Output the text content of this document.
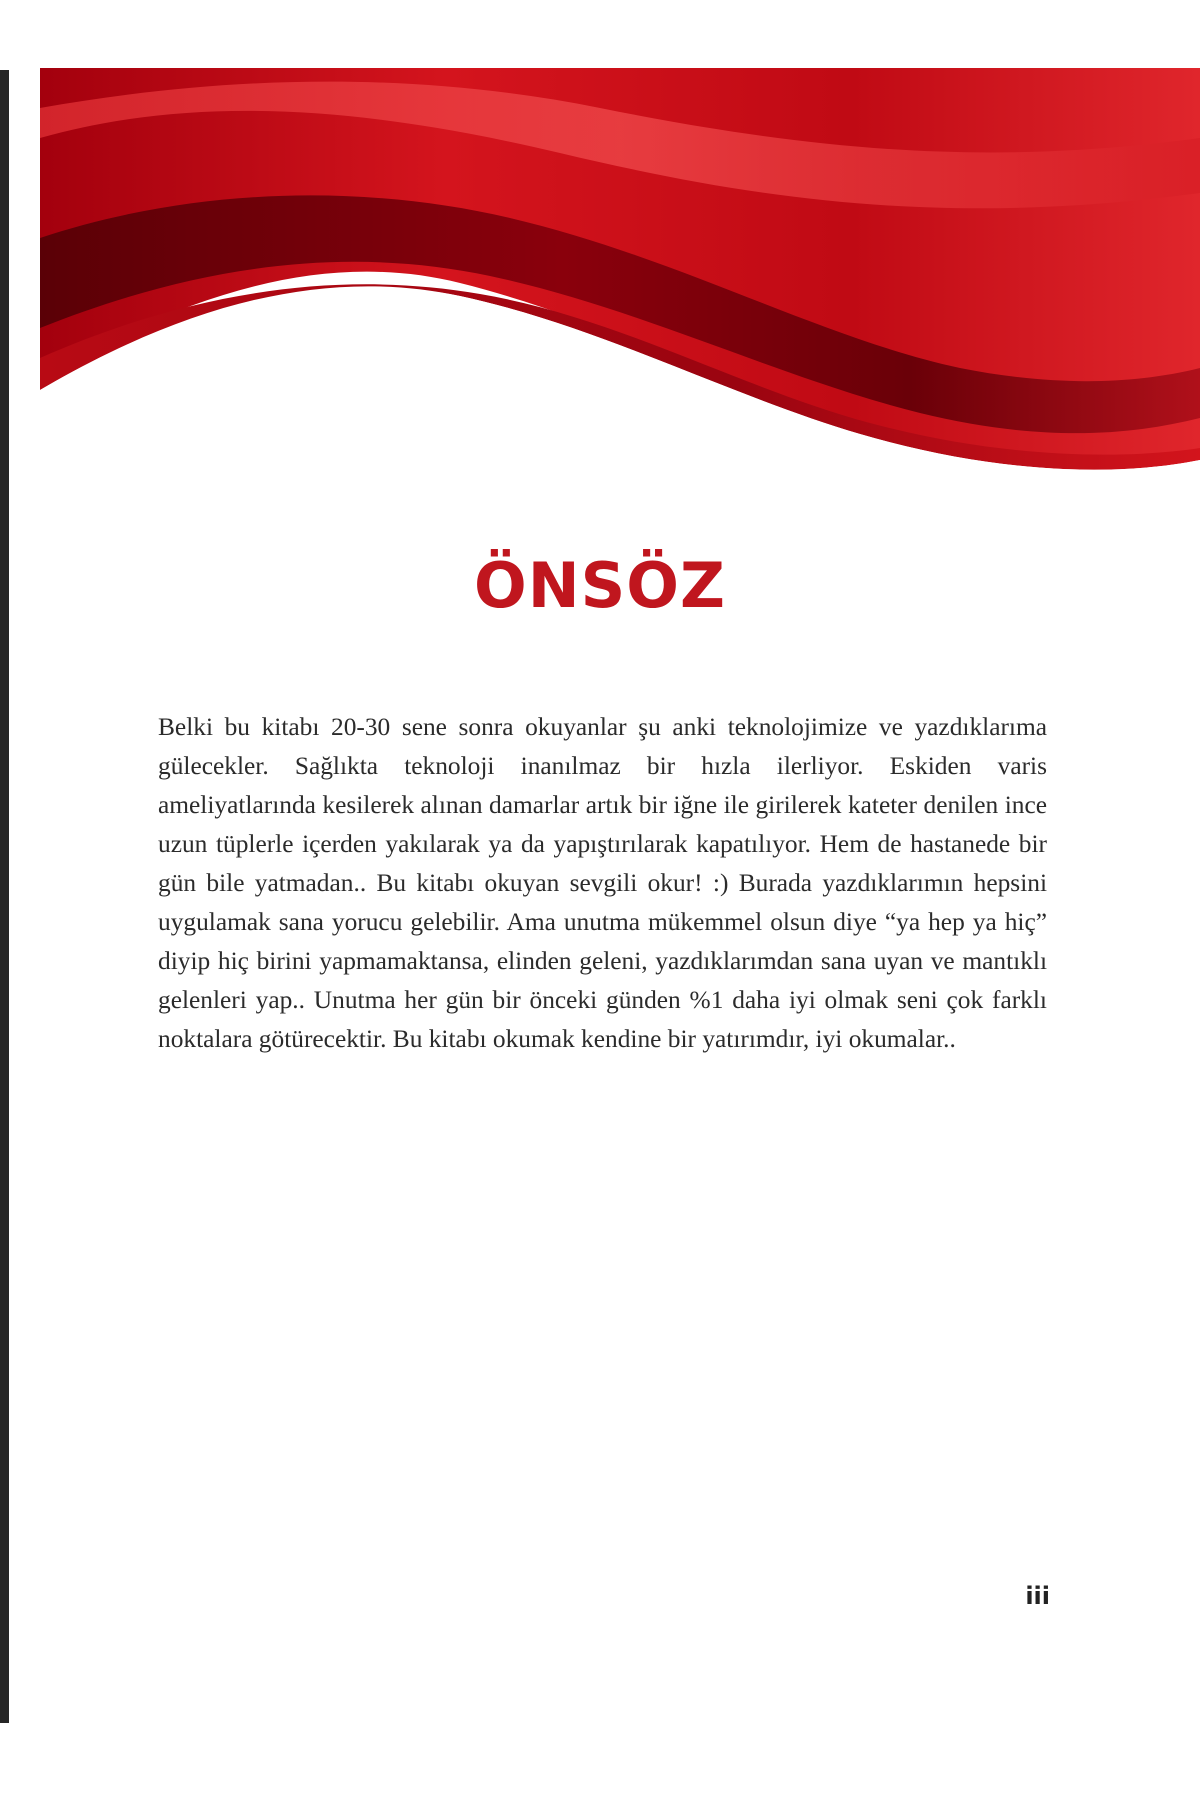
ÖNSÖZ

Belki bu kitabı 20-30 sene sonra okuyanlar şu anki teknolojimize ve yazdıklarıma gülecekler. Sağlıkta teknoloji inanılmaz bir hızla ilerliyor. Eskiden varis ameliyatlarında kesilerek alınan damarlar artık bir iğne ile girilerek kateter denilen ince uzun tüplerle içerden yakılarak ya da yapıştırılarak kapatılıyor. Hem de hastanede bir gün bile yatmadan.. Bu kitabı okuyan sevgili okur! :) Burada yazdıklarımın hepsini uygulamak sana yorucu gelebilir. Ama unutma mükemmel olsun diye “ya hep ya hiç” diyip hiç birini yapmamaktansa, elinden geleni, yazdıklarımdan sana uyan ve mantıklı gelenleri yap.. Unutma her gün bir önceki günden %1 daha iyi olmak seni çok farklı noktalara götürecektir. Bu kitabı okumak kendine bir yatırımdır, iyi okumalar..

iii
